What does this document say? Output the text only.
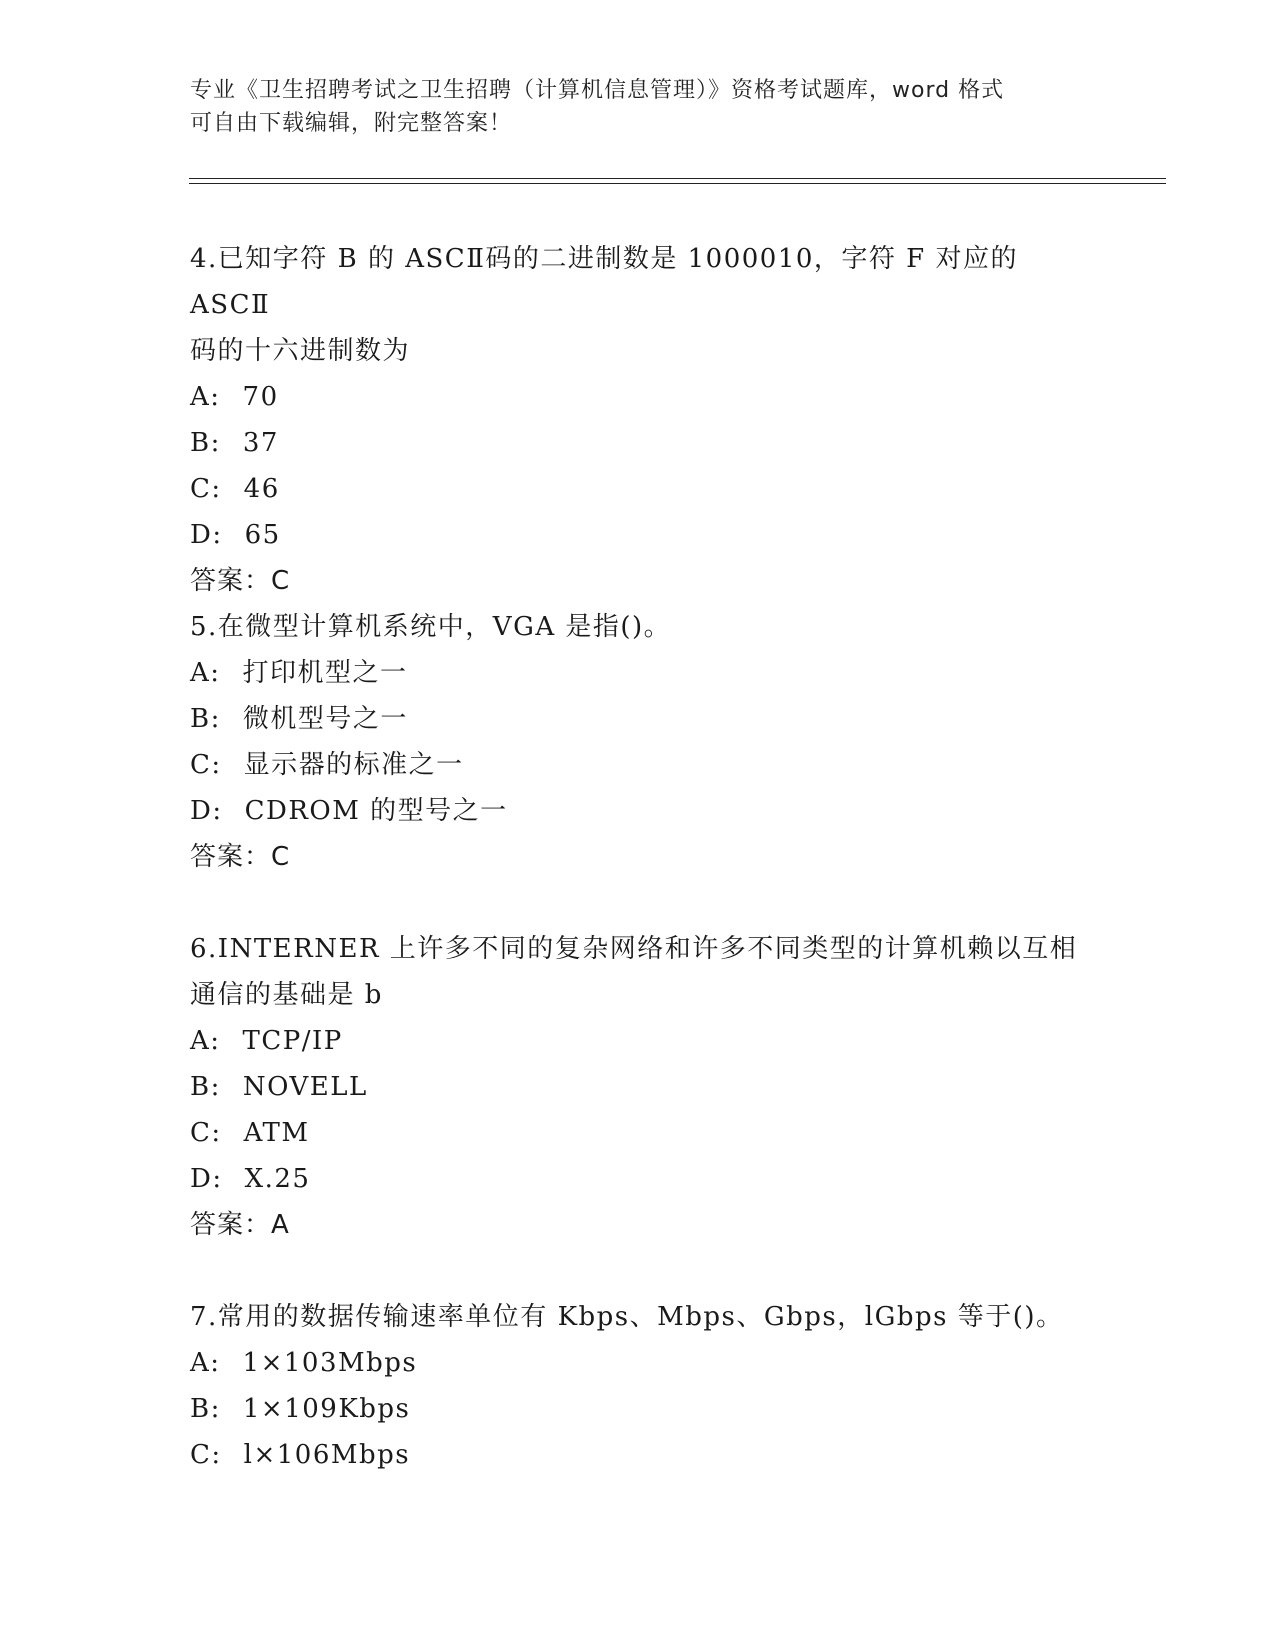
专业《卫生招聘考试之卫生招聘（计算机信息管理）》资格考试题库，word 格式
可自由下载编辑，附完整答案！

4.已知字符 B 的 ASCⅡ码的二进制数是 1000010，字符 F 对应的 ASCⅡ

码的十六进制数为

A: 70

B: 37

C: 46

D: 65

答案：C

5.在微型计算机系统中，VGA 是指()。

A: 打印机型之一

B: 微机型号之一

C: 显示器的标准之一

D: CDROM 的型号之一

答案：C

6.INTERNER 上许多不同的复杂网络和许多不同类型的计算机赖以互相

通信的基础是 b

A: TCP/IP

B: NOVELL

C: ATM

D: X.25

答案：A

7.常用的数据传输速率单位有 Kbps、Mbps、Gbps，lGbps 等于()。

A: 1×103Mbps

B: 1×109Kbps

C: l×106Mbps
